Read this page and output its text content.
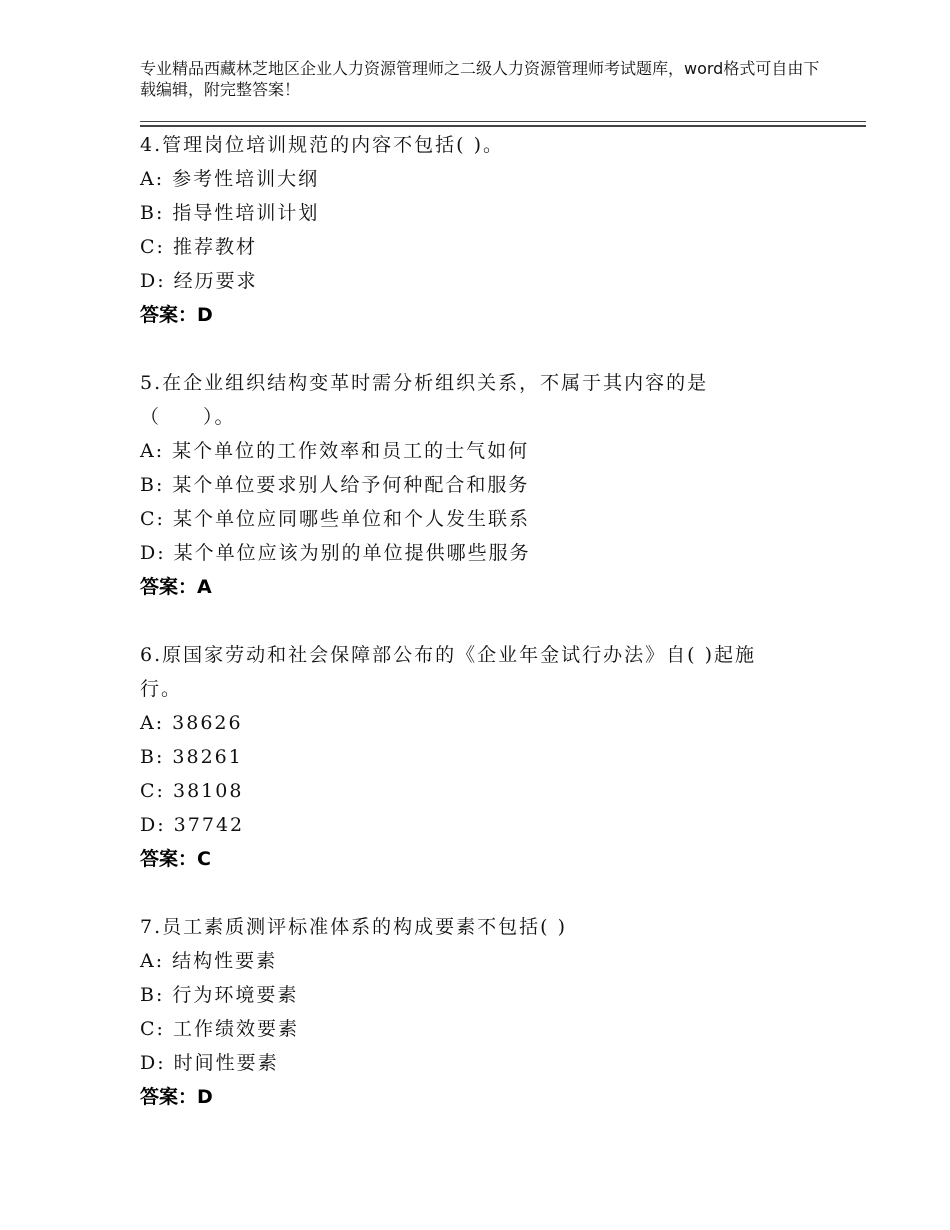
专业精品西藏林芝地区企业人力资源管理师之二级人力资源管理师考试题库，word格式可自由下载编辑，附完整答案！
4.管理岗位培训规范的内容不包括( )。
A: 参考性培训大纲
B: 指导性培训计划
C: 推荐教材
D: 经历要求
答案：D
5.在企业组织结构变革时需分析组织关系，不属于其内容的是（　　）。
A: 某个单位的工作效率和员工的士气如何
B: 某个单位要求别人给予何种配合和服务
C: 某个单位应同哪些单位和个人发生联系
D: 某个单位应该为别的单位提供哪些服务
答案：A
6.原国家劳动和社会保障部公布的《企业年金试行办法》自( )起施行。
A: 38626
B: 38261
C: 38108
D: 37742
答案：C
7.员工素质测评标准体系的构成要素不包括( )
A: 结构性要素
B: 行为环境要素
C: 工作绩效要素
D: 时间性要素
答案：D
